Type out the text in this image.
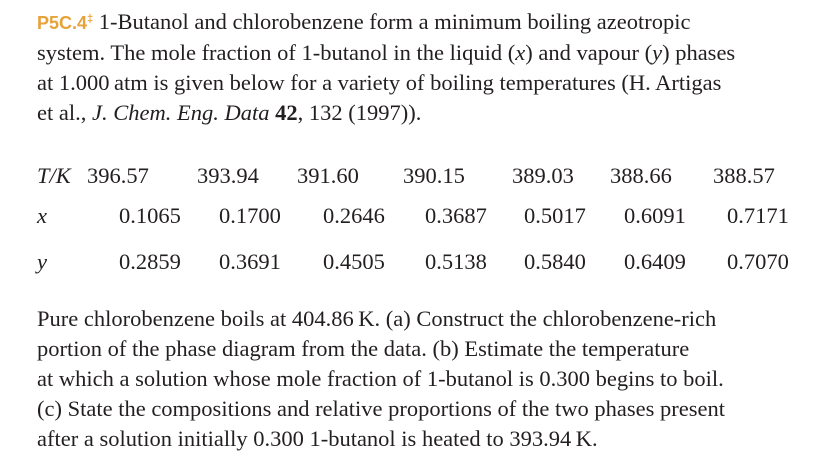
P5C.4‡ 1-Butanol and chlorobenzene form a minimum boiling azeotropic
system. The mole fraction of 1-butanol in the liquid (x) and vapour (y) phases
at 1.000 atm is given below for a variety of boiling temperatures (H. Artigas
et al., J. Chem. Eng. Data 42, 132 (1997)).

T/K 396.57 393.94 391.60 390.15 389.03 388.66 388.57
x	0.1065 0.1700 0.2646 0.3687 0.5017 0.6091 0.7171
y	0.2859 0.3691 0.4505 0.5138 0.5840 0.6409 0.7070

Pure chlorobenzene boils at 404.86 K. (a) Construct the chlorobenzene-rich
portion of the phase diagram from the data. (b) Estimate the temperature
at which a solution whose mole fraction of 1-butanol is 0.300 begins to boil.
(c) State the compositions and relative proportions of the two phases present
after a solution initially 0.300 1-butanol is heated to 393.94 K.
